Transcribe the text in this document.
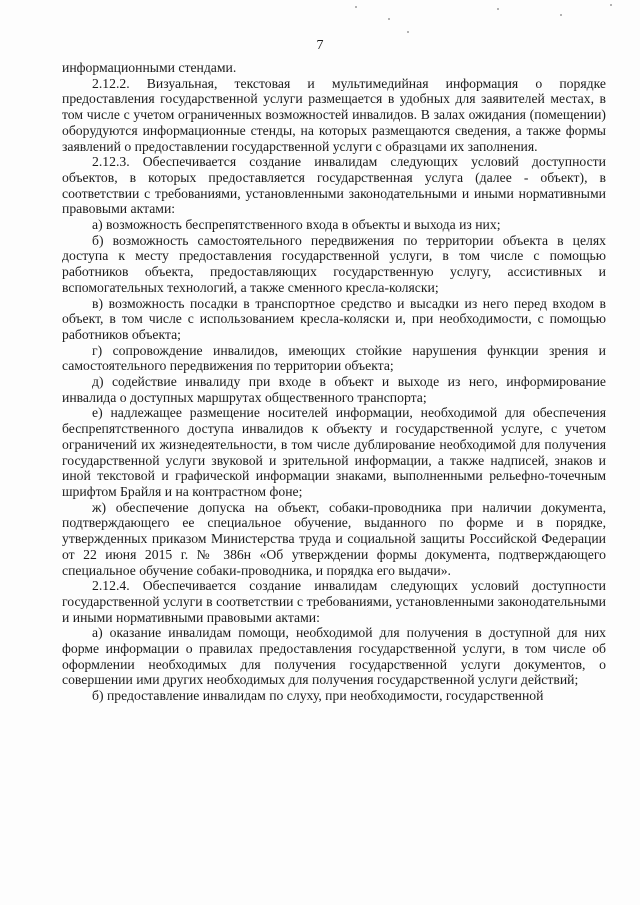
7

информационными стендами.

2.12.2. Визуальная, текстовая и мультимедийная информация о порядке предоставления государственной услуги размещается в удобных для заявителей местах, в том числе с учетом ограниченных возможностей инвалидов. В залах ожидания (помещении) оборудуются информационные стенды, на которых размещаются сведения, а также формы заявлений о предоставлении государственной услуги с образцами их заполнения.

2.12.3. Обеспечивается создание инвалидам следующих условий доступности объектов, в которых предоставляется государственная услуга (далее - объект), в соответствии с требованиями, установленными законодательными и иными нормативными правовыми актами:

а) возможность беспрепятственного входа в объекты и выхода из них;

б) возможность самостоятельного передвижения по территории объекта в целях доступа к месту предоставления государственной услуги, в том числе с помощью работников объекта, предоставляющих государственную услугу, ассистивных и вспомогательных технологий, а также сменного кресла-коляски;

в) возможность посадки в транспортное средство и высадки из него перед входом в объект, в том числе с использованием кресла-коляски и, при необходимости, с помощью работников объекта;

г) сопровождение инвалидов, имеющих стойкие нарушения функции зрения и самостоятельного передвижения по территории объекта;

д) содействие инвалиду при входе в объект и выходе из него, информирование инвалида о доступных маршрутах общественного транспорта;

е) надлежащее размещение носителей информации, необходимой для обеспечения беспрепятственного доступа инвалидов к объекту и государственной услуге, с учетом ограничений их жизнедеятельности, в том числе дублирование необходимой для получения государственной услуги звуковой и зрительной информации, а также надписей, знаков и иной текстовой и графической информации знаками, выполненными рельефно-точечным шрифтом Брайля и на контрастном фоне;

ж) обеспечение допуска на объект, собаки-проводника при наличии документа, подтверждающего ее специальное обучение, выданного по форме и в порядке, утвержденных приказом Министерства труда и социальной защиты Российской Федерации от 22 июня 2015 г. № 386н «Об утверждении формы документа, подтверждающего специальное обучение собаки-проводника, и порядка его выдачи».

2.12.4. Обеспечивается создание инвалидам следующих условий доступности государственной услуги в соответствии с требованиями, установленными законодательными и иными нормативными правовыми актами:

а) оказание инвалидам помощи, необходимой для получения в доступной для них форме информации о правилах предоставления государственной услуги, в том числе об оформлении необходимых для получения государственной услуги документов, о совершении ими других необходимых для получения государственной услуги действий;

б) предоставление инвалидам по слуху, при необходимости, государственной
